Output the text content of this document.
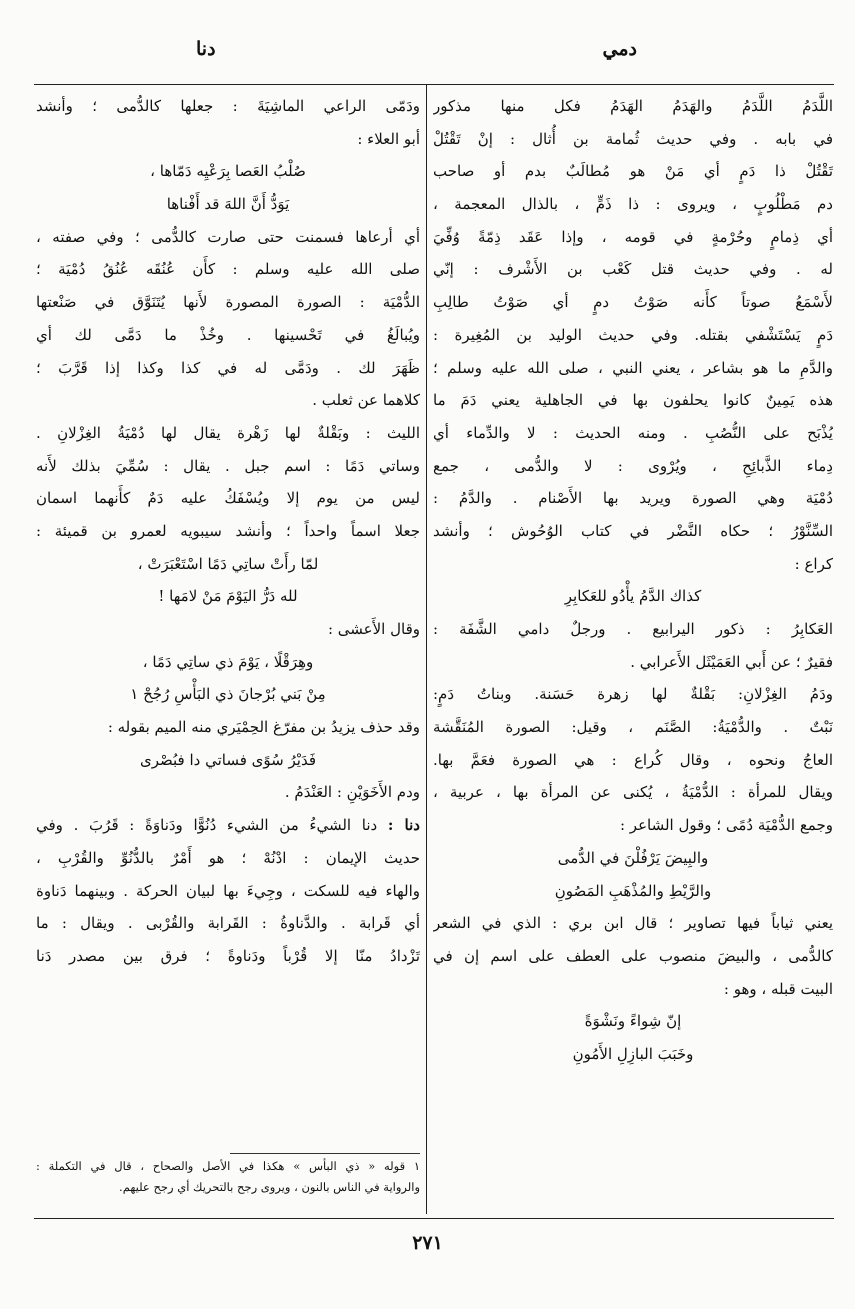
دمي
دنا
اللَّدَمُ اللَّدَمُ والهَدَمُ الهَدَمُ فكل منها مذكور
في بابه . وفي حديث ثُمامة بن أُثال : إنْ تَقْتُلْ
تَقْتُلْ ذا دَمٍ أي مَنْ هو مُطالَبٌ بدم أو صاحب
دم مَطْلُوبٍ ، ويروى : ذا ذَمٍّ ، بالذال المعجمة ،
أي ذِمامٍ وحُرْمةٍ في قومه ، وإذا عَقَد ذِمّةً وُفِّيَ
له . وفي حديث قتل كَعْب بن الأَشْرف : إنّي
لأَسْمَعُ صوتاً كأَنه صَوْتُ دمٍ أي صَوْتُ طالِبِ
دَمٍ يَسْتَشْفي بقتله. وفي حديث الوليد بن المُغِيرة :
والدَّمِ ما هو بشاعر ، يعني النبي ، صلى الله عليه وسلم ؛
هذه يَمِينٌ كانوا يحلفون بها في الجاهلية يعني دَمَ ما
يُذْبَح على النُّصُبِ . ومنه الحديث : لا والدِّماء أي
دِماء الذَّبائِحِ ، ويُرْوى : لا والدُّمى ، جمع
دُمْيَة وهي الصورة ويريد بها الأَصْنام . والدَّمُ :
السِّنَّوْرُ ؛ حكاه النَّضْر في كتاب الوُحُوش ؛ وأنشد
كراع :
كذاك الدَّمُ يأْدُو للعَكابِرِ
العَكابِرُ : ذكور اليرابيع . ورجلٌ دامي الشَّفَة :
فقيرٌ ؛ عن أَبي العَمَيْثَل الأَعرابي .
ودَمُ الغِزْلانِ: بَقْلةٌ لها زهرة حَسَنة. وبناتُ دَمٍ:
نَبْتٌ . والدُّمْيَةُ: الصَّنَم ، وقيل: الصورة المُنَقَّشة
العاجُ ونحوه ، وقال كُراع : هي الصورة فعَمَّ بها.
ويقال للمرأة : الدُّمْيَةُ ، يُكنى عن المرأة بها ، عربية ،
وجمع الدُّمْيَة دُمًى ؛ وقول الشاعر :
والبِيضَ يَرْفُلْنَ في الدُّمى
والرَّيْطِ والمُذْهَبِ المَصُونِ
يعني ثياباً فيها تصاوير ؛ قال ابن بري : الذي في الشعر
كالدُّمى ، والبيضَ منصوب على العطف على اسم إن في
البيت قبله ، وهو :
إنّ شِواءً ونَشْوَةً
وخَبَبَ البازِلِ الأَمُونِ
ودَمّى الراعي الماشِيَةَ : جعلها كالدُّمى ؛ وأنشد
أبو العلاء :
صُلْبُ العَصا بِرَعْيِه دَمّاها ،
يَوَدُّ أَنَّ اللهَ قد أَفْناها
أي أرعاها فسمنت حتى صارت كالدُّمى ؛ وفي صفته ،
صلى الله عليه وسلم : كأَن عُنُقَه عُنُقُ دُمْيَة ؛
الدُّمْيَة : الصورة المصورة لأَنها يُتَنَوَّق في صَنْعتها
ويُبالَغُ في تَحْسينها . وخُذْ ما دَمَّى لك أي
ظَهَرَ لك . ودَمَّى له في كذا وكذا إذا قَرَّبَ ؛
كلاهما عن ثعلب .
الليث : وبَقْلةٌ لها زَهْرة يقال لها دُمْيَةُ الغِزْلانِ .
وساتي دَمًا : اسم جبل . يقال : سُمِّيَ بذلك لأَنه
ليس من يوم إلا ويُسْفَكُ عليه دَمٌ كأَنهما اسمان
جعلا اسماً واحداً ؛ وأنشد سيبويه لعمرو بن قميئة :
لمّا رأَتْ ساتِي دَمًا اسْتَعْبَرَتْ ،
لله دَرُّ اليَوْمَ مَنْ لامَها !
وقال الأَعشى :
وهِرَقْلًا ، يَوْمَ ذي ساتِي دَمًا ،
مِنْ بَني بُرْجانَ ذي البَأْسِ رُجُحْ ١
وقد حذف يزيدُ بن مفرّغ الحِمْيَري منه الميم بقوله :
فَدَيْرُ سُوًى فساتي دا فبُصْرى
ودم الأَخَوَيْنِ : العَنْدَمُ .
دنا : دنا الشيءُ من الشيء دُنُوًّا ودَناوَةً : قَرُبَ . وفي
حديث الإيمان : ادْنُهْ ؛ هو أَمْرٌ بالدُّنُوِّ والقُرْبِ ،
والهاء فيه للسكت ، وجِيءَ بها لبيان الحركة . وبينهما دَناوة
أي قَرابة . والدَّناوةُ : القَرابة والقُرْبى . ويقال : ما
تَزْدادُ منّا إلا قُرْباً ودَناوةً ؛ فرق بين مصدر دَنا
١ قوله « ذي البأس » هكذا في الأصل والصحاح ، قال في التكملة :
والرواية في الناس بالنون ، ويروى رجح بالتحريك أي رجح عليهم.
٢٧١
